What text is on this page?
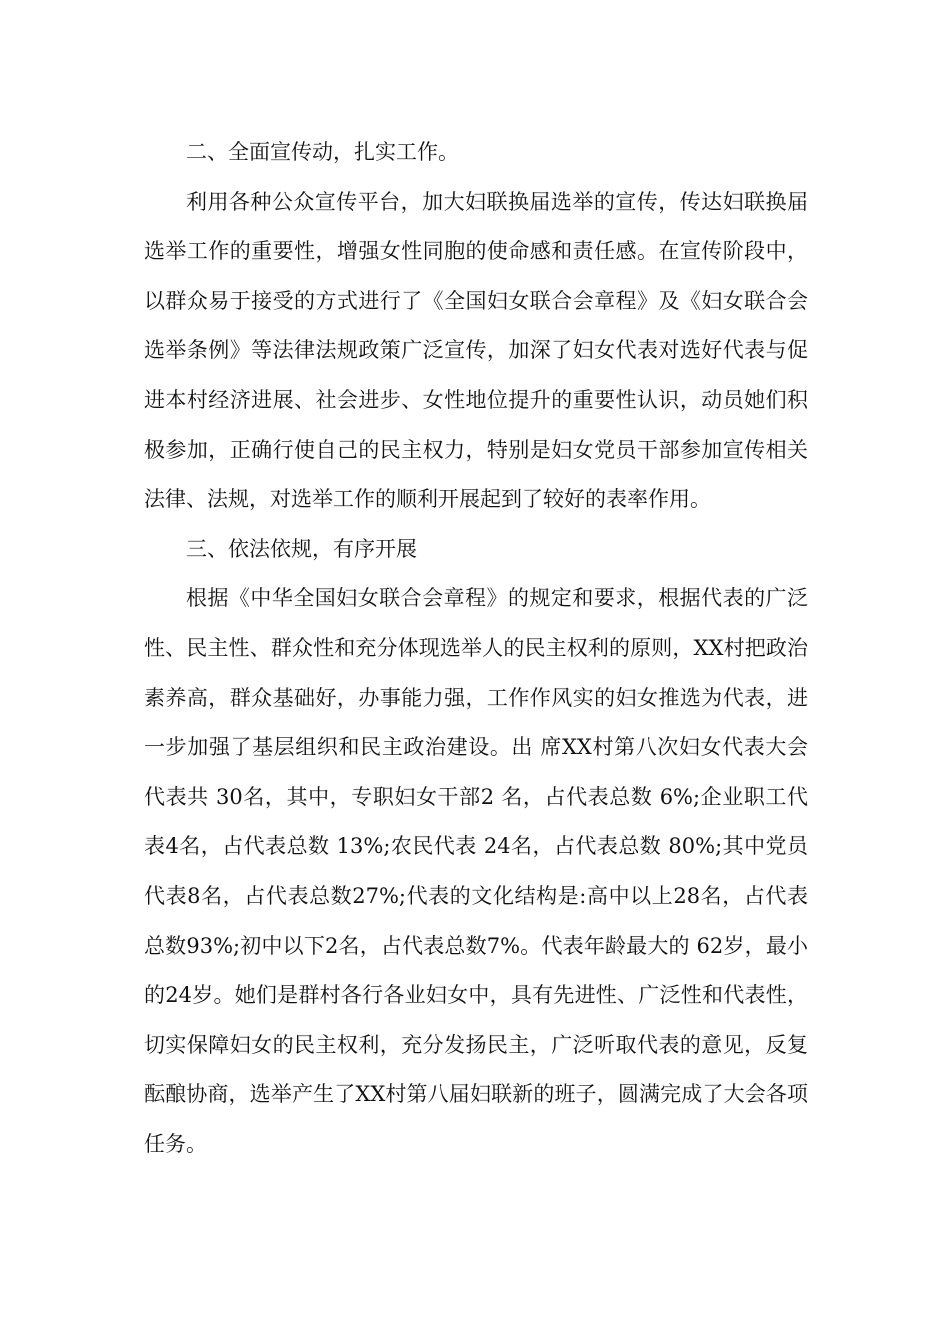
二、全面宣传动，扎实工作。

利用各种公众宣传平台，加大妇联换届选举的宣传，传达妇联换届选举工作的重要性，增强女性同胞的使命感和责任感。在宣传阶段中，以群众易于接受的方式进行了《全国妇女联合会章程》及《妇女联合会选举条例》等法律法规政策广泛宣传，加深了妇女代表对选好代表与促进本村经济进展、社会进步、女性地位提升的重要性认识，动员她们积极参加，正确行使自己的民主权力，特别是妇女党员干部参加宣传相关法律、法规，对选举工作的顺利开展起到了较好的表率作用。

三、依法依规，有序开展

根据《中华全国妇女联合会章程》的规定和要求，根据代表的广泛性、民主性、群众性和充分体现选举人的民主权利的原则，XX村把政治素养高，群众基础好，办事能力强，工作作风实的妇女推选为代表，进一步加强了基层组织和民主政治建设。出 席XX村第八次妇女代表大会代表共 30名，其中，专职妇女干部2 名，占代表总数 6%;企业职工代表4名，占代表总数 13%;农民代表 24名，占代表总数 80%;其中党员代表8名，占代表总数27%;代表的文化结构是:高中以上28名，占代表总数93%;初中以下2名，占代表总数7%。代表年龄最大的 62岁，最小的24岁。她们是群村各行各业妇女中，具有先进性、广泛性和代表性，切实保障妇女的民主权利，充分发扬民主，广泛听取代表的意见，反复酝酿协商，选举产生了XX村第八届妇联新的班子，圆满完成了大会各项任务。
